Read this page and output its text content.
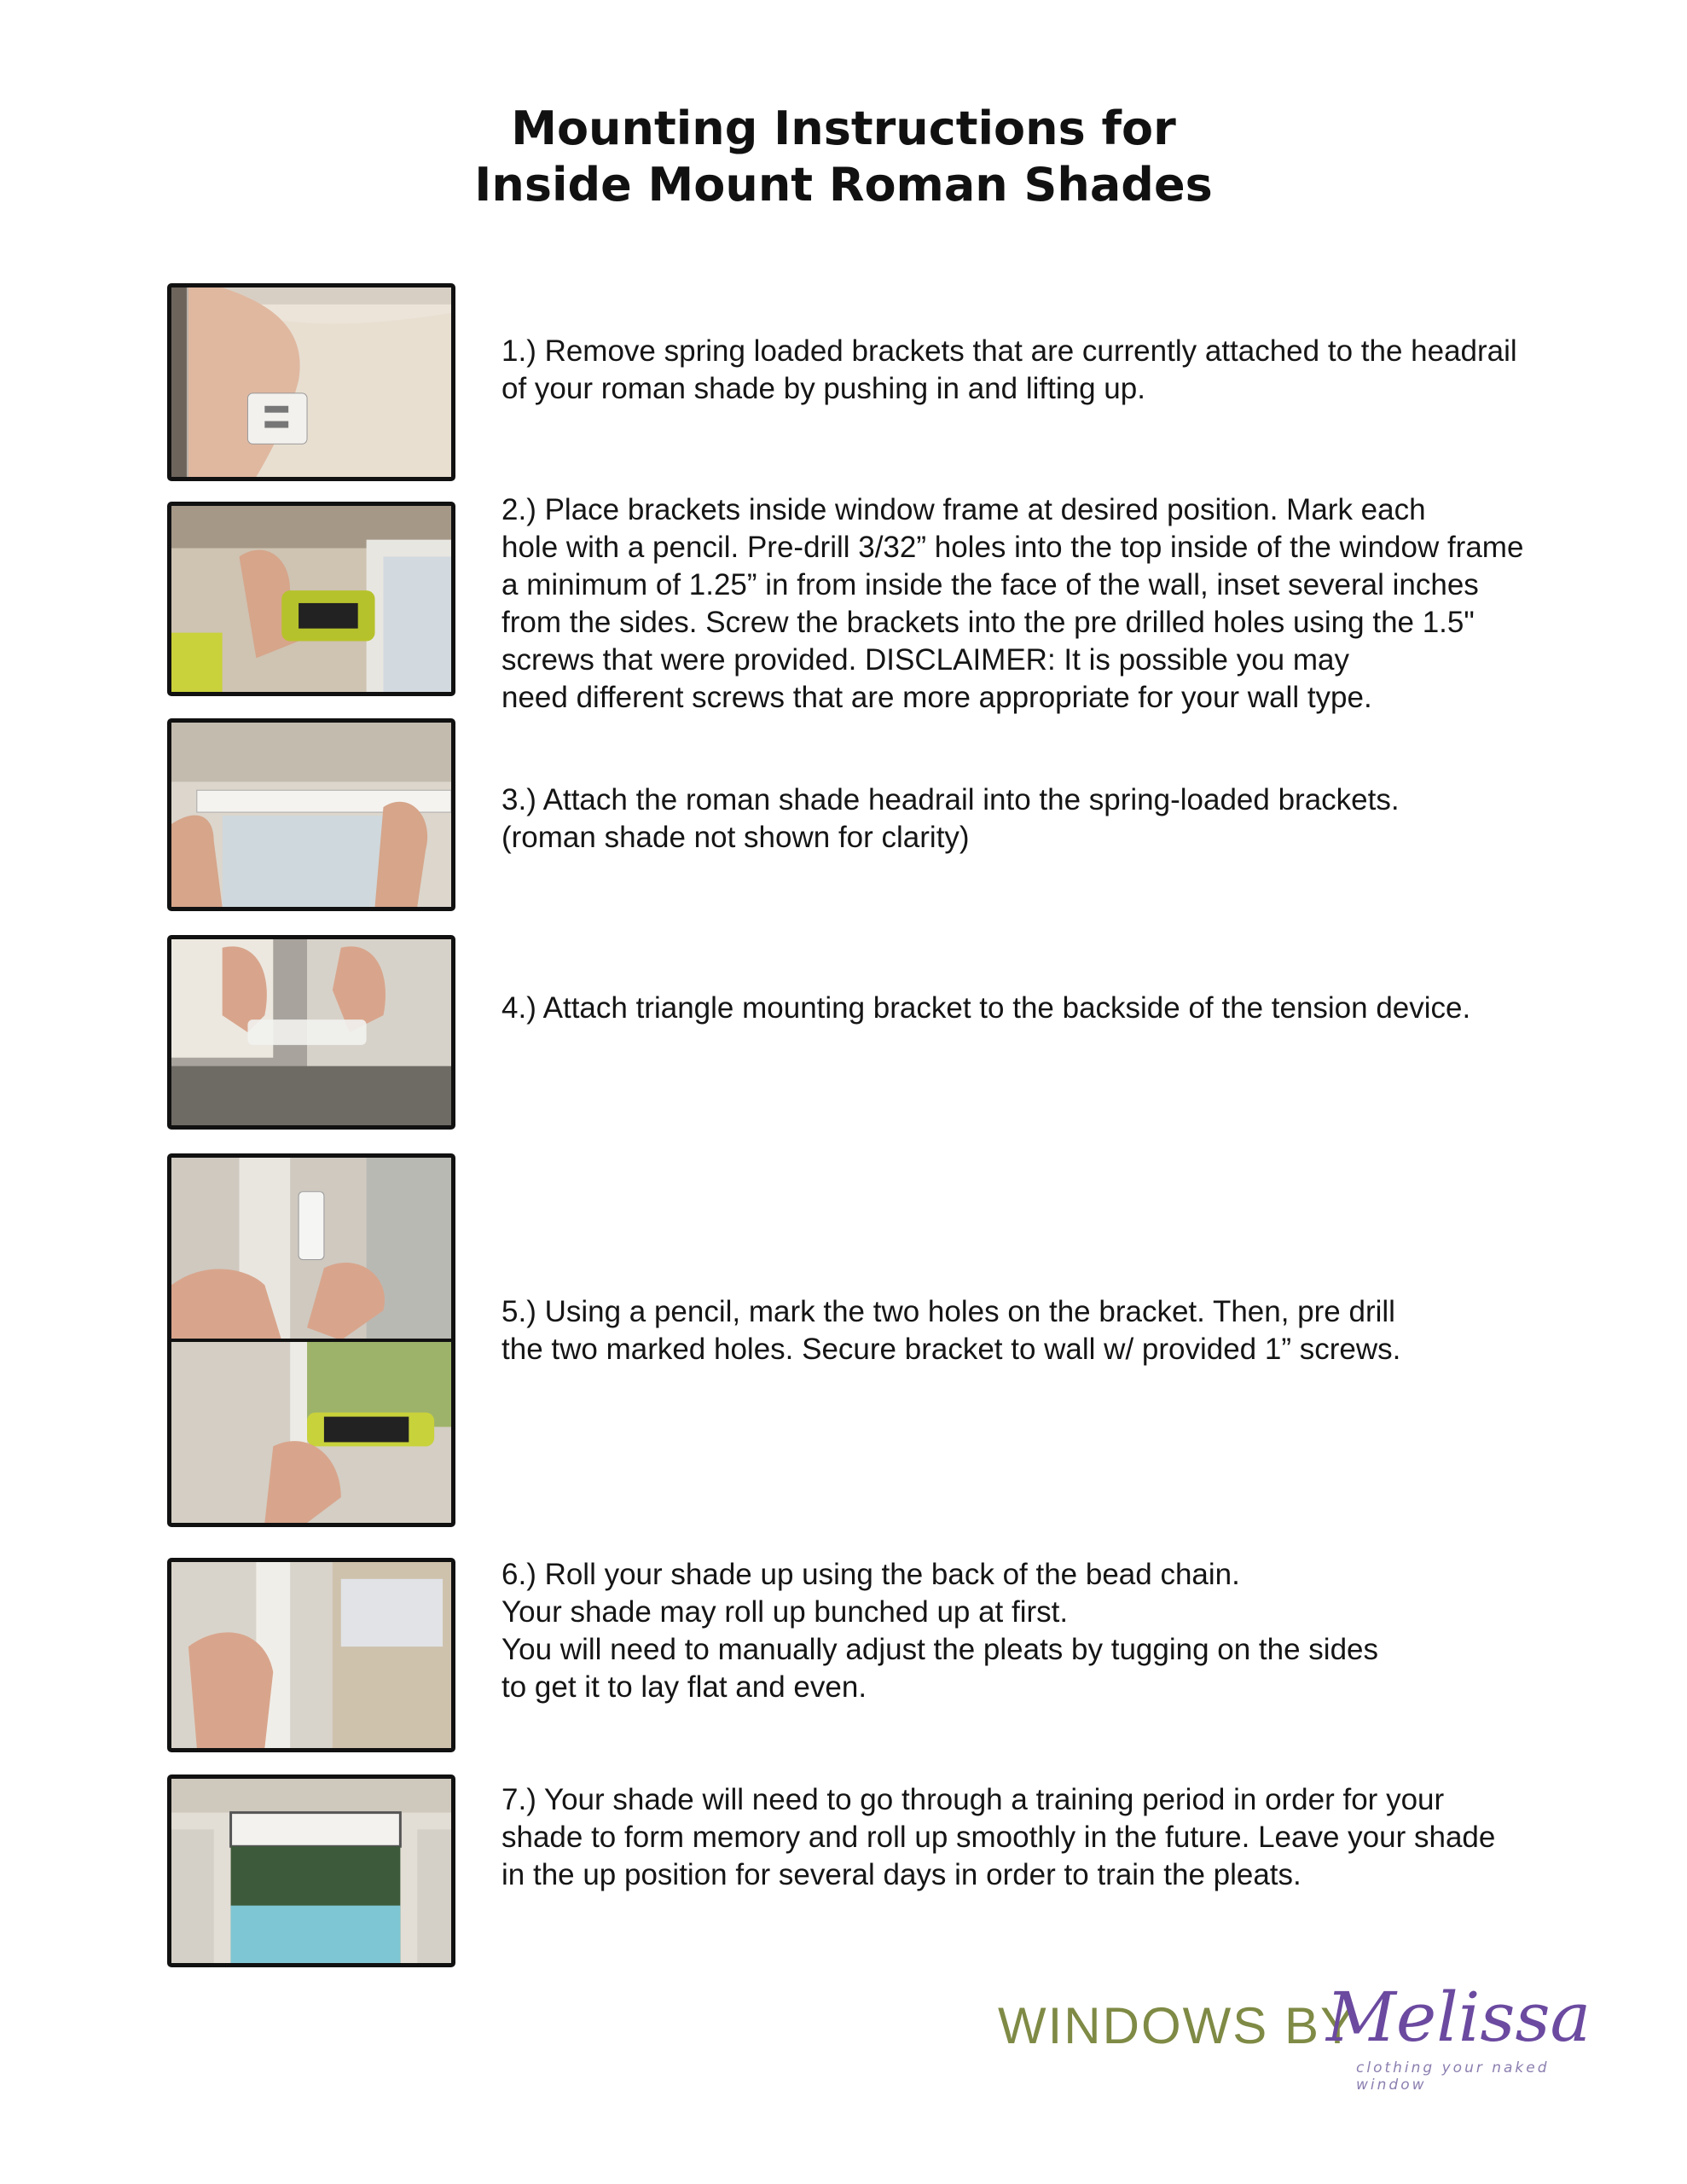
Mounting Instructions for
Inside Mount Roman Shades
1.) Remove spring loaded brackets that are currently attached to the headrail
of your roman shade by pushing in and lifting up.
2.) Place brackets inside window frame at desired position. Mark each
hole with a pencil. Pre-drill 3/32” holes into the top inside of the window frame
a minimum of 1.25” in from inside the face of the wall, inset several inches
from the sides. Screw the brackets into the pre drilled holes using the 1.5"
screws that were provided. DISCLAIMER: It is possible you may
need different screws that are more appropriate for your wall type.
3.) Attach the roman shade headrail into the spring-loaded brackets.
(roman shade not shown for clarity)
4.) Attach triangle mounting bracket to the backside of the tension device.
5.) Using a pencil, mark the two holes on the bracket. Then, pre drill
the two marked holes. Secure bracket to wall w/ provided 1” screws.
6.) Roll your shade up using the back of the bead chain.
Your shade may roll up bunched up at first.
You will need to manually adjust the pleats by tugging on the sides
to get it to lay flat and even.
7.) Your shade will need to go through a training period in order for your
shade to form memory and roll up smoothly in the future. Leave your shade
in the up position for several days in order to train the pleats.
WINDOWS BY
Melissa
clothing your naked window
